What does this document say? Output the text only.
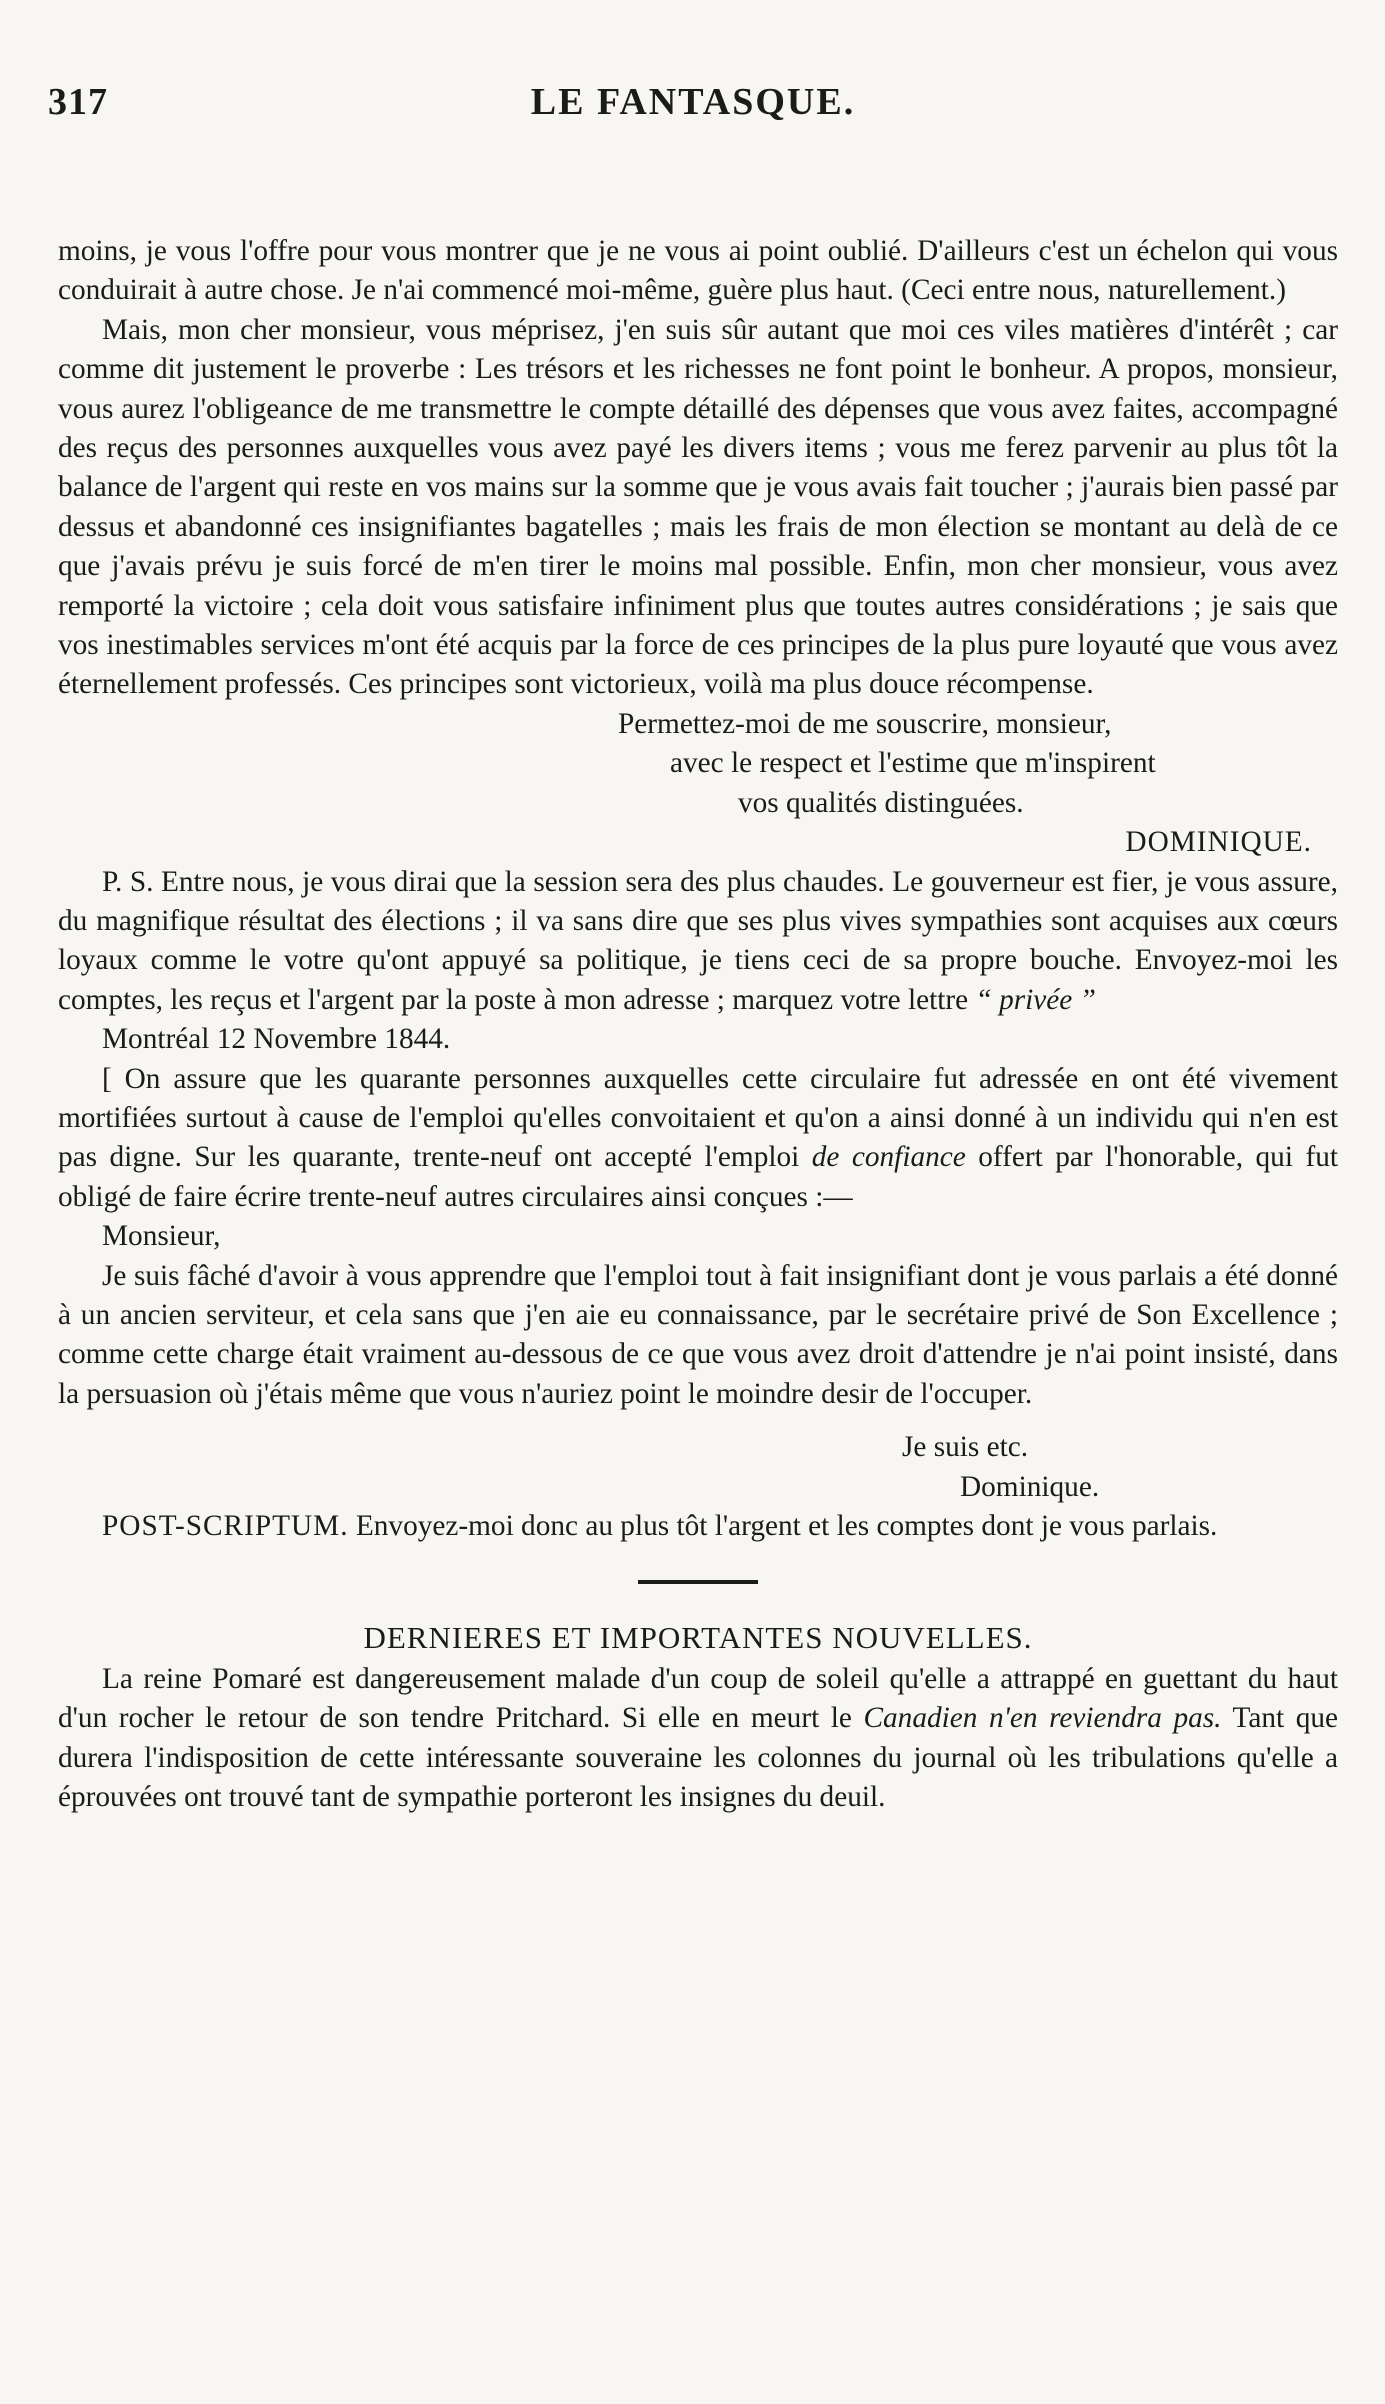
317	LE FANTASQUE.

moins, je vous l'offre pour vous montrer que je ne vous ai point oublié. D'ailleurs c'est un échelon qui vous conduirait à autre chose. Je n'ai commencé moi-même, guère plus haut. (Ceci entre nous, naturellement.)

Mais, mon cher monsieur, vous méprisez, j'en suis sûr autant que moi ces viles matières d'intérêt ; car comme dit justement le proverbe : Les trésors et les richesses ne font point le bonheur. A propos, monsieur, vous aurez l'obligeance de me transmettre le compte détaillé des dépenses que vous avez faites, accompagné des reçus des personnes auxquelles vous avez payé les divers items ; vous me ferez parvenir au plus tôt la balance de l'argent qui reste en vos mains sur la somme que je vous avais fait toucher ; j'aurais bien passé par dessus et abandonné ces insignifiantes bagatelles ; mais les frais de mon élection se montant au delà de ce que j'avais prévu je suis forcé de m'en tirer le moins mal possible. Enfin, mon cher monsieur, vous avez remporté la victoire ; cela doit vous satisfaire infiniment plus que toutes autres considérations ; je sais que vos inestimables services m'ont été acquis par la force de ces principes de la plus pure loyauté que vous avez éternellement professés. Ces principes sont victorieux, voilà ma plus douce récompense.

Permettez-moi de me souscrire, monsieur,

avec le respect et l'estime que m'inspirent

vos qualités distinguées.

DOMINIQUE.

P. S. Entre nous, je vous dirai que la session sera des plus chaudes. Le gouverneur est fier, je vous assure, du magnifique résultat des élections ; il va sans dire que ses plus vives sympathies sont acquises aux cœurs loyaux comme le votre qu'ont appuyé sa politique, je tiens ceci de sa propre bouche. Envoyez-moi les comptes, les reçus et l'argent par la poste à mon adresse ; marquez votre lettre “ privée ”

Montréal 12 Novembre 1844.

[ On assure que les quarante personnes auxquelles cette circulaire fut adressée en ont été vivement mortifiées surtout à cause de l'emploi qu'elles convoitaient et qu'on a ainsi donné à un individu qui n'en est pas digne. Sur les quarante, trente-neuf ont accepté l'emploi de confiance offert par l'honorable, qui fut obligé de faire écrire trente-neuf autres circulaires ainsi conçues :—

Monsieur,

Je suis fâché d'avoir à vous apprendre que l'emploi tout à fait insignifiant dont je vous parlais a été donné à un ancien serviteur, et cela sans que j'en aie eu connaissance, par le secrétaire privé de Son Excellence ; comme cette charge était vraiment au-dessous de ce que vous avez droit d'attendre je n'ai point insisté, dans la persuasion où j'étais même que vous n'auriez point le moindre desir de l'occuper.

Je suis etc.

Dominique.

POST-SCRIPTUM. Envoyez-moi donc au plus tôt l'argent et les comptes dont je vous parlais.

DERNIERES ET IMPORTANTES NOUVELLES.

La reine Pomaré est dangereusement malade d'un coup de soleil qu'elle a attrappé en guettant du haut d'un rocher le retour de son tendre Pritchard. Si elle en meurt le Canadien n'en reviendra pas. Tant que durera l'indisposition de cette intéressante souveraine les colonnes du journal où les tribulations qu'elle a éprouvées ont trouvé tant de sympathie porteront les insignes du deuil.
